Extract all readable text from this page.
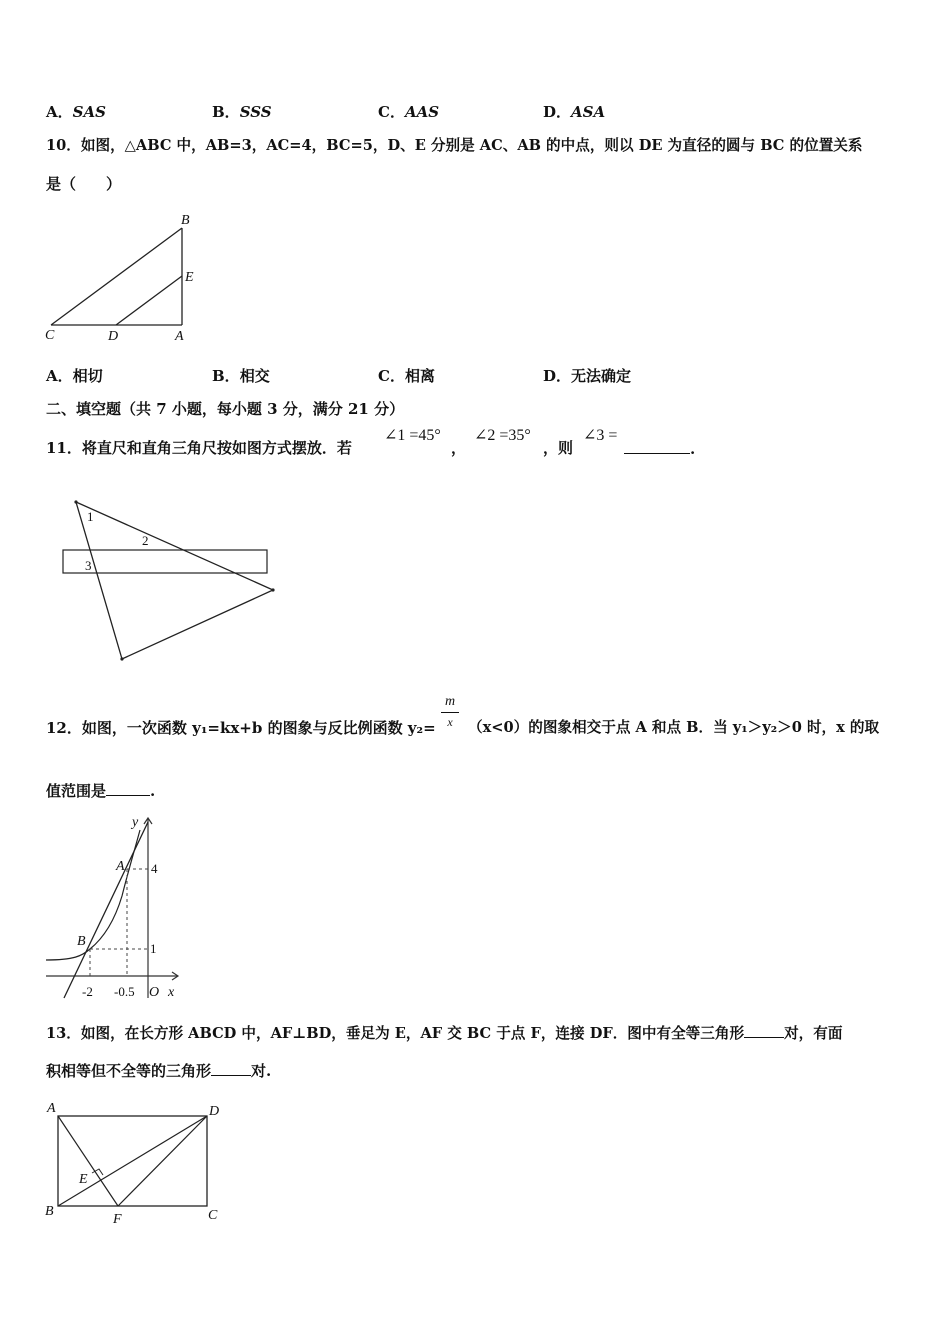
A．SAS	B．SSS	C．AAS	D．ASA
10．如图，△ABC 中，AB=3，AC=4，BC=5，D、E 分别是 AC、AB 的中点，则以 DE 为直径的圆与 BC 的位置关系
是（　　）
B
E
C	D	A
A．相切	B．相交	C．相离	D．无法确定
二、填空题（共 7 小题，每小题 3 分，满分 21 分）
11．将直尺和直角三角尺按如图方式摆放．若
∠1 =45°
，
∠2 =35°
，则
∠3 =
.
1
2
3
12．如图，一次函数 y₁=kx+b 的图象与反比例函数 y₂=
m
x	（x<0）的图象相交于点 A 和点 B．当 y₁＞y₂＞0 时，x 的取
值范围是	.
y
A 4
B	1
-2 -0.5 O x
13．如图，在长方形 ABCD 中，AF⊥BD，垂足为 E，AF 交 BC 于点 F，连接 DF．图中有全等三角形	对，有面
积相等但不全等的三角形	对.
A	D
E
B
F	C
